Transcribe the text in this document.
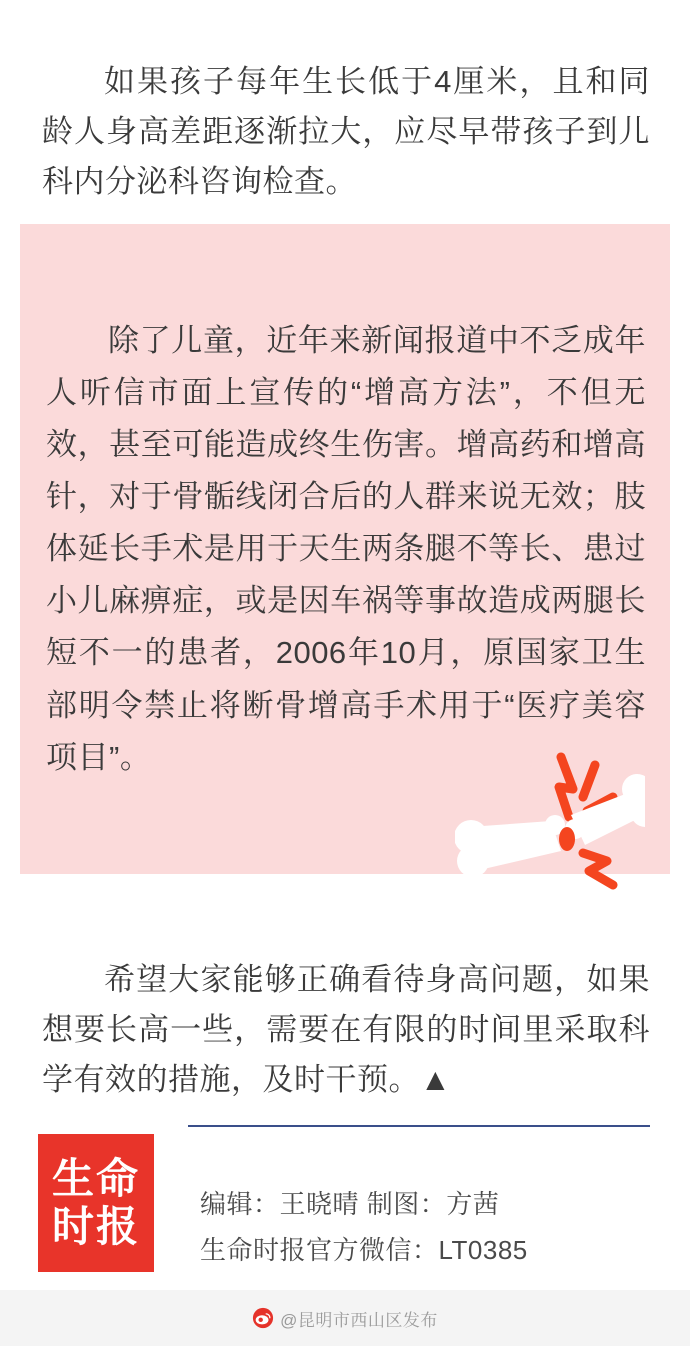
如果孩子每年生长低于4厘米，且和同龄人身高差距逐渐拉大，应尽早带孩子到儿科内分泌科咨询检查。

除了儿童，近年来新闻报道中不乏成年人听信市面上宣传的“增高方法”，不但无效，甚至可能造成终生伤害。增高药和增高针，对于骨骺线闭合后的人群来说无效；肢体延长手术是用于天生两条腿不等长、患过小儿麻痹症，或是因车祸等事故造成两腿长短不一的患者，2006年10月，原国家卫生部明令禁止将断骨增高手术用于“医疗美容项目”。

希望大家能够正确看待身高问题，如果想要长高一些，需要在有限的时间里采取科学有效的措施，及时干预。▲

生命时报 编辑：王晓晴 制图：方茜
生命时报官方微信：LT0385
@昆明市西山区发布
